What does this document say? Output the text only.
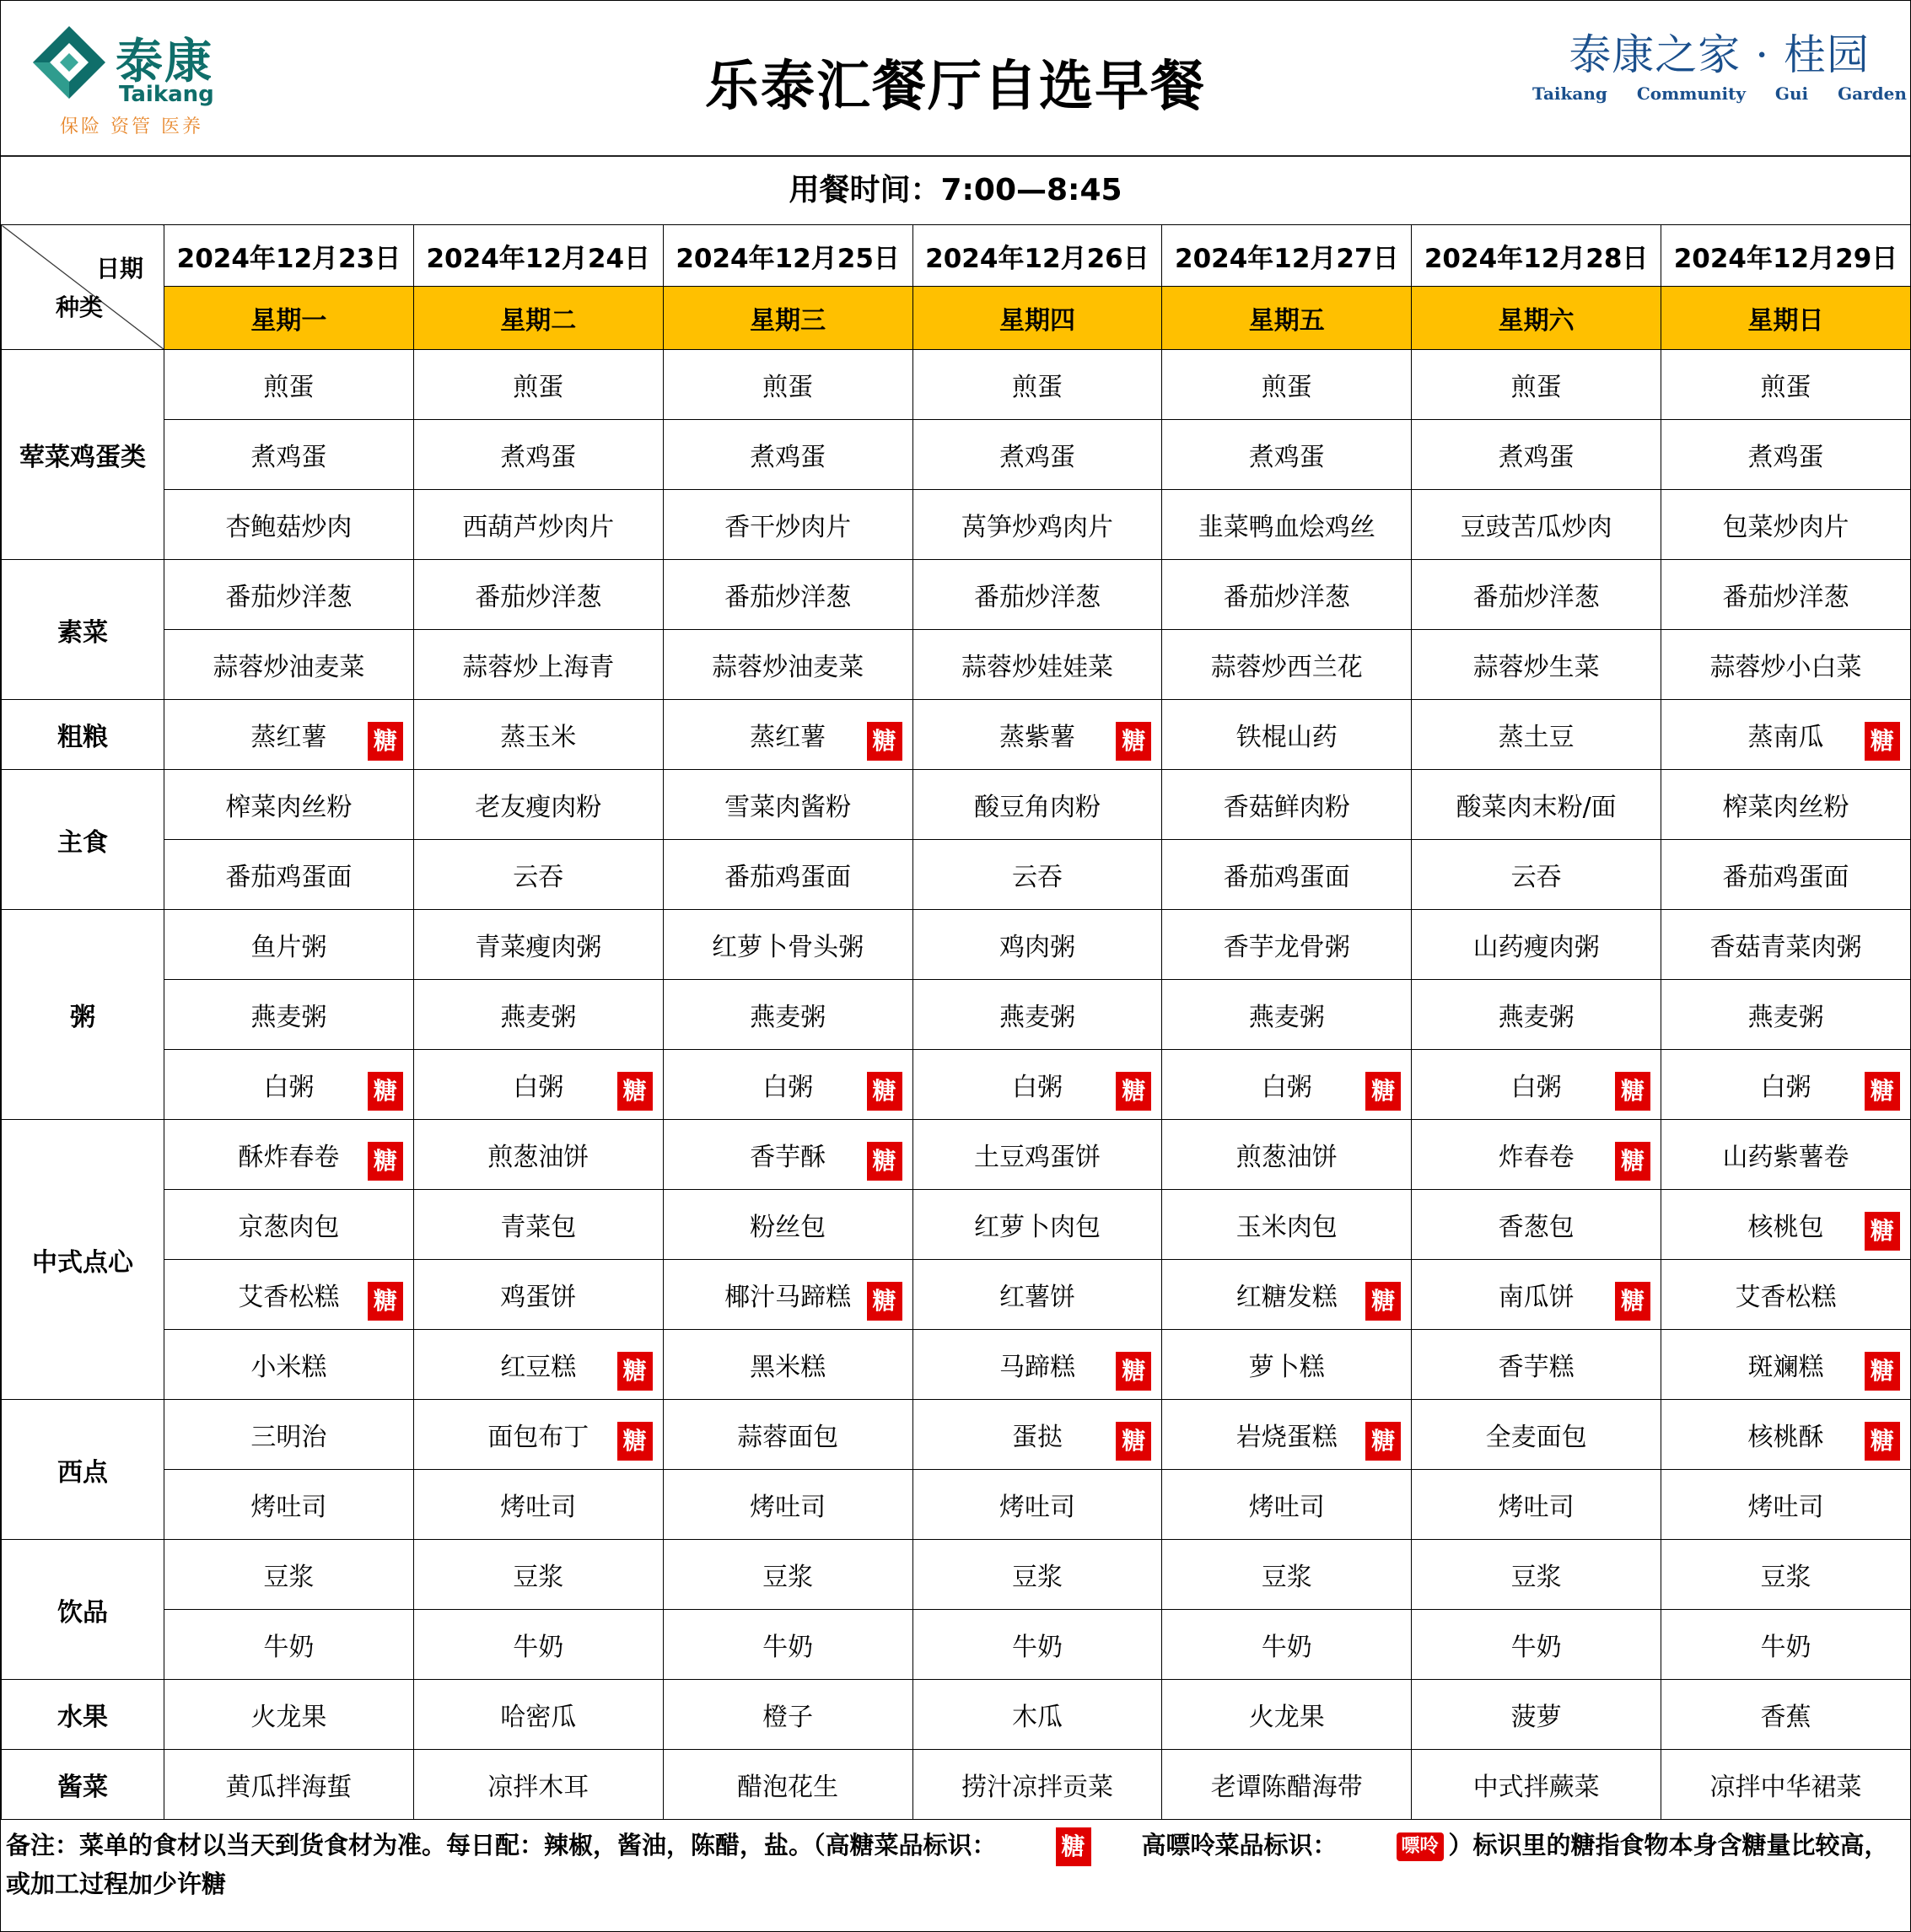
泰康
Taikang
保险 资管 医养
乐泰汇餐厅自选早餐
泰康之家 · 桂园
Taikang Community Gui Garden
用餐时间：7:00—8:45
日期
种类	2024年12月23日	2024年12月24日	2024年12月25日	2024年12月26日	2024年12月27日	2024年12月28日	2024年12月29日
	星期一	星期二	星期三	星期四	星期五	星期六	星期日
荤菜鸡蛋类	煎蛋	煎蛋	煎蛋	煎蛋	煎蛋	煎蛋	煎蛋
	煮鸡蛋	煮鸡蛋	煮鸡蛋	煮鸡蛋	煮鸡蛋	煮鸡蛋	煮鸡蛋
	杏鲍菇炒肉	西葫芦炒肉片	香干炒肉片	莴笋炒鸡肉片	韭菜鸭血烩鸡丝	豆豉苦瓜炒肉	包菜炒肉片
素菜	番茄炒洋葱	番茄炒洋葱	番茄炒洋葱	番茄炒洋葱	番茄炒洋葱	番茄炒洋葱	番茄炒洋葱
	蒜蓉炒油麦菜	蒜蓉炒上海青	蒜蓉炒油麦菜	蒜蓉炒娃娃菜	蒜蓉炒西兰花	蒜蓉炒生菜	蒜蓉炒小白菜
粗粮	蒸红薯 糖	蒸玉米	蒸红薯 糖	蒸紫薯 糖	铁棍山药	蒸土豆	蒸南瓜 糖

主食	榨菜肉丝粉	老友瘦肉粉	雪菜肉酱粉	酸豆角肉粉	香菇鲜肉粉	酸菜肉末粉/面	榨菜肉丝粉
	番茄鸡蛋面	云吞	番茄鸡蛋面	云吞	番茄鸡蛋面	云吞	番茄鸡蛋面
粥	鱼片粥	青菜瘦肉粥	红萝卜骨头粥	鸡肉粥	香芋龙骨粥	山药瘦肉粥	香菇青菜肉粥
	燕麦粥	燕麦粥	燕麦粥	燕麦粥	燕麦粥	燕麦粥	燕麦粥
	白粥 糖	白粥 糖	白粥 糖	白粥 糖	白粥 糖	白粥 糖	白粥 糖

中式点心	酥炸春卷 糖	煎葱油饼	香芋酥 糖	土豆鸡蛋饼	煎葱油饼	炸春卷 糖	山药紫薯卷
	京葱肉包	青菜包	粉丝包	红萝卜肉包	玉米肉包	香葱包	核桃包 糖

	艾香松糕 糖	鸡蛋饼	椰汁马蹄糕 糖	红薯饼	红糖发糕 糖	南瓜饼 糖	艾香松糕
	小米糕	红豆糕 糖	黑米糕	马蹄糕 糖	萝卜糕	香芋糕	斑斓糕 糖

西点	三明治	面包布丁 糖	蒜蓉面包	蛋挞 糖	岩烧蛋糕 糖	全麦面包	核桃酥 糖

	烤吐司	烤吐司	烤吐司	烤吐司	烤吐司	烤吐司	烤吐司
饮品	豆浆	豆浆	豆浆	豆浆	豆浆	豆浆	豆浆
	牛奶	牛奶	牛奶	牛奶	牛奶	牛奶	牛奶
水果	火龙果	哈密瓜	橙子	木瓜	火龙果	菠萝	香蕉
酱菜	黄瓜拌海蜇	凉拌木耳	醋泡花生	捞汁凉拌贡菜	老谭陈醋海带	中式拌蕨菜	凉拌中华裙菜
备注：菜单的食材以当天到货食材为准。每日配：辣椒，酱油，陈醋，盐。（高糖菜品标识：	糖 高嘌呤菜品标识：	嘌呤 ）标识里的糖指食物本身含糖量比较高，或加工过程加少许糖
